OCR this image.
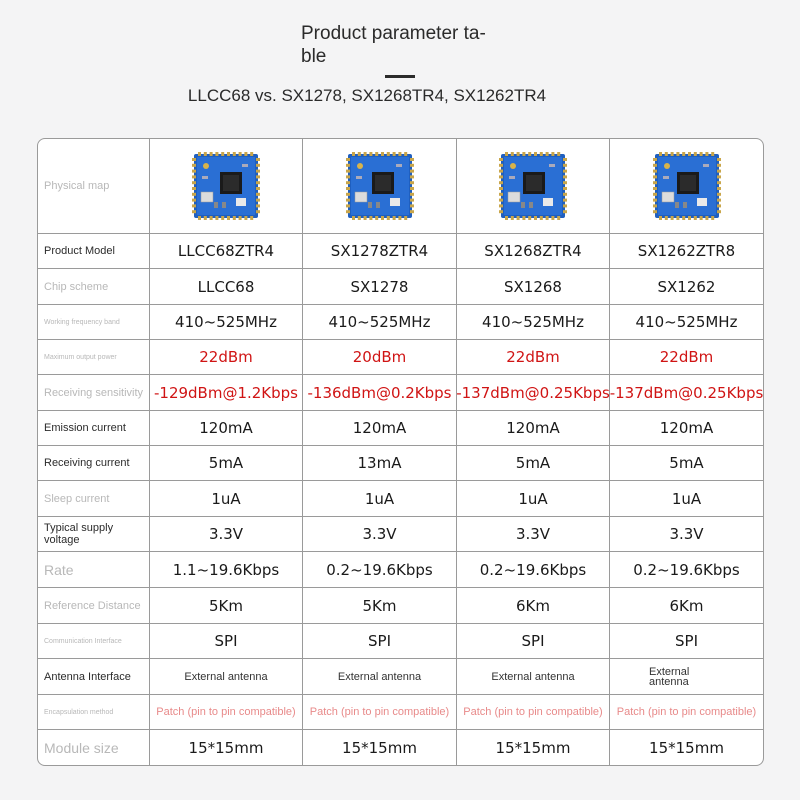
Product parameter ta-
ble
LLCC68 vs. SX1278, SX1268TR4, SX1262TR4
Physical map
Product Model	LLCC68ZTR4	SX1278ZTR4	SX1268ZTR4	SX1262ZTR8
Chip scheme	LLCC68	SX1278	SX1268	SX1262
Working frequency band	410~525MHz	410~525MHz	410~525MHz	410~525MHz
Maximum output power	22dBm	20dBm	22dBm	22dBm
Receiving sensitivity -129dBm@1.2Kbps -136dBm@0.2Kbps -137dBm@0.25Kbps -137dBm@0.25Kbps
Emission current	120mA	120mA	120mA	120mA
Receiving current	5mA	13mA	5mA	5mA
Sleep current	1uA	1uA	1uA	1uA
Typical supply voltage	3.3V	3.3V	3.3V	3.3V
Rate	1.1~19.6Kbps	0.2~19.6Kbps	0.2~19.6Kbps	0.2~19.6Kbps
Reference Distance	5Km	5Km	6Km	6Km
Communication Interface	SPI	SPI	SPI	SPI
Antenna Interface	External antenna	External antenna	External antenna	External antenna
Encapsulation method	Patch (pin to pin compatible)	Patch (pin to pin compatible)	Patch (pin to pin compatible)	Patch (pin to pin compatible)
Module size	15*15mm	15*15mm	15*15mm	15*15mm
